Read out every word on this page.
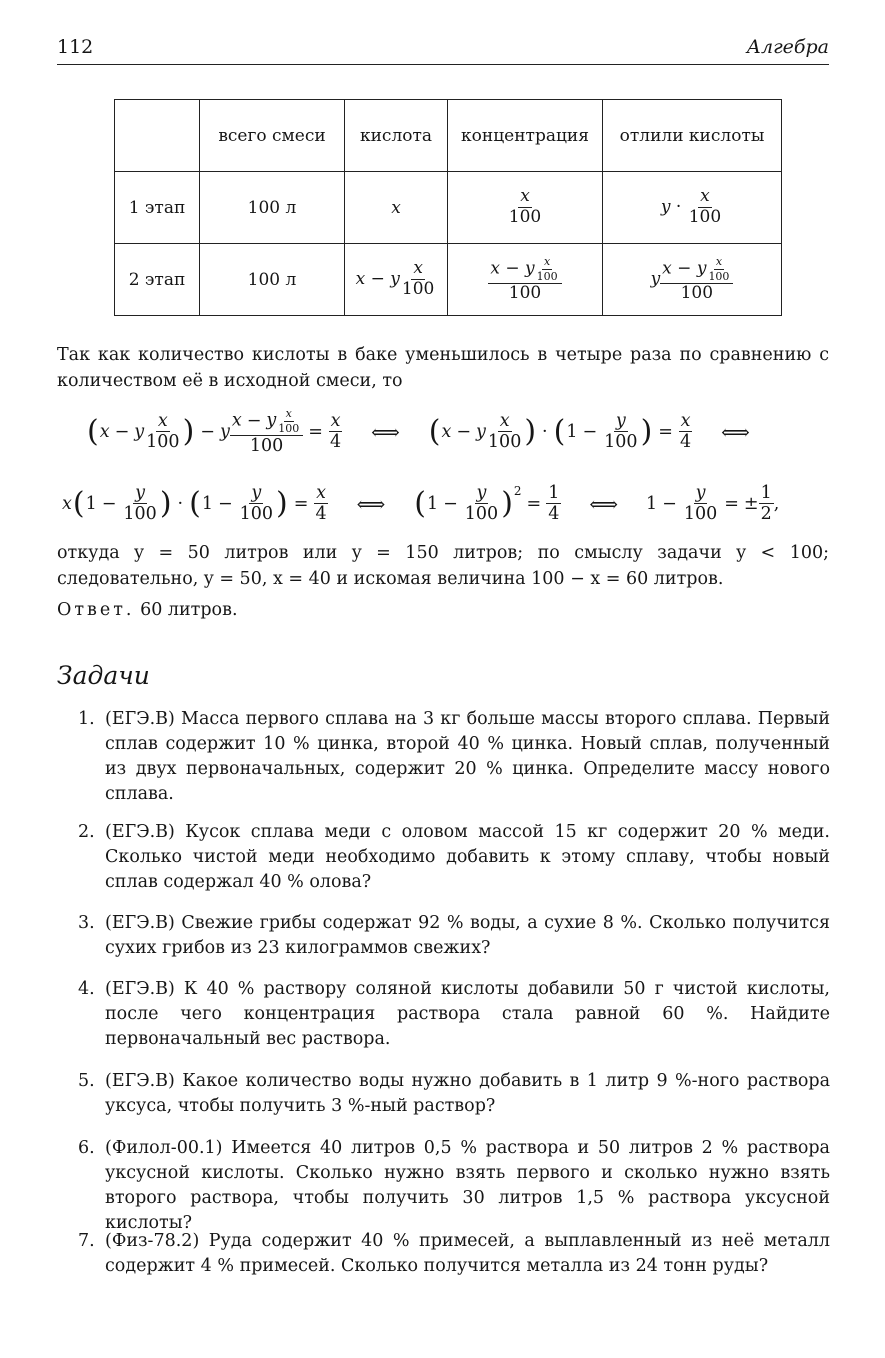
112	Алгебра
	всего смеси	кислота	концентрация	отлили кислоты
1 этап	100 л	x	$\frac{x}{100}$	$y \cdot \frac{x}{100}$

2 этап	100 л	x − y $\frac{x}{100}$	$\frac{x - y \frac{x}{100}}{100}$	y $\frac{x - y \frac{x}{100}}{100}$
Так как количество кислоты в баке уменьшилось в четыре раза по сравнению с количеством её в исходной смеси, то
( x − y
x
100 ) − y $\frac{x - y \frac{x}{100}}{100} = \frac{x}{4}$ ⟺ ( x − y
x
100 ) · ( $1 - \frac{y}{100}$ ) = $\frac{x}{4}$ ⟺
x ( $1 - \frac{y}{100}$ ) · ( $1 - \frac{y}{100}$ ) = $\frac{x}{4}$ ⟺ ( $1 - \frac{y}{100} )^2$
= $\frac{1}{4}$ ⟺ $1 - \frac{y}{100}$ = ± $\frac{1}{2}$ ,
откуда y = 50 литров или y = 150 литров; по смыслу задачи y < 100; следовательно, y = 50, x = 40 и искомая величина 100 − x = 60 литров.
Ответ. 60 литров.
Задачи
1. (ЕГЭ.В) Масса первого сплава на 3 кг больше массы второго сплава. Первый сплав содержит 10 % цинка, второй 40 % цинка. Новый сплав, полученный из двух первоначальных, содержит 20 % цинка. Определите массу нового сплава.
2. (ЕГЭ.В) Кусок сплава меди с оловом массой 15 кг содержит 20 % меди. Сколько чистой меди необходимо добавить к этому сплаву, чтобы новый сплав содержал 40 % олова?
3. (ЕГЭ.В) Свежие грибы содержат 92 % воды, а сухие 8 %. Сколько получится сухих грибов из 23 килограммов свежих?
4. (ЕГЭ.В) К 40 % раствору соляной кислоты добавили 50 г чистой кислоты, после чего концентрация раствора стала равной 60 %. Найдите первоначальный вес раствора.
5. (ЕГЭ.В) Какое количество воды нужно добавить в 1 литр 9 %-ного раствора уксуса, чтобы получить 3 %-ный раствор?
6. (Филол-00.1) Имеется 40 литров 0,5 % раствора и 50 литров 2 % раствора уксусной кислоты. Сколько нужно взять первого и сколько нужно взять второго раствора, чтобы получить 30 литров 1,5 % раствора уксусной кислоты?
7. (Физ-78.2) Руда содержит 40 % примесей, а выплавленный из неё металл содержит 4 % примесей. Сколько получится металла из 24 тонн руды?
